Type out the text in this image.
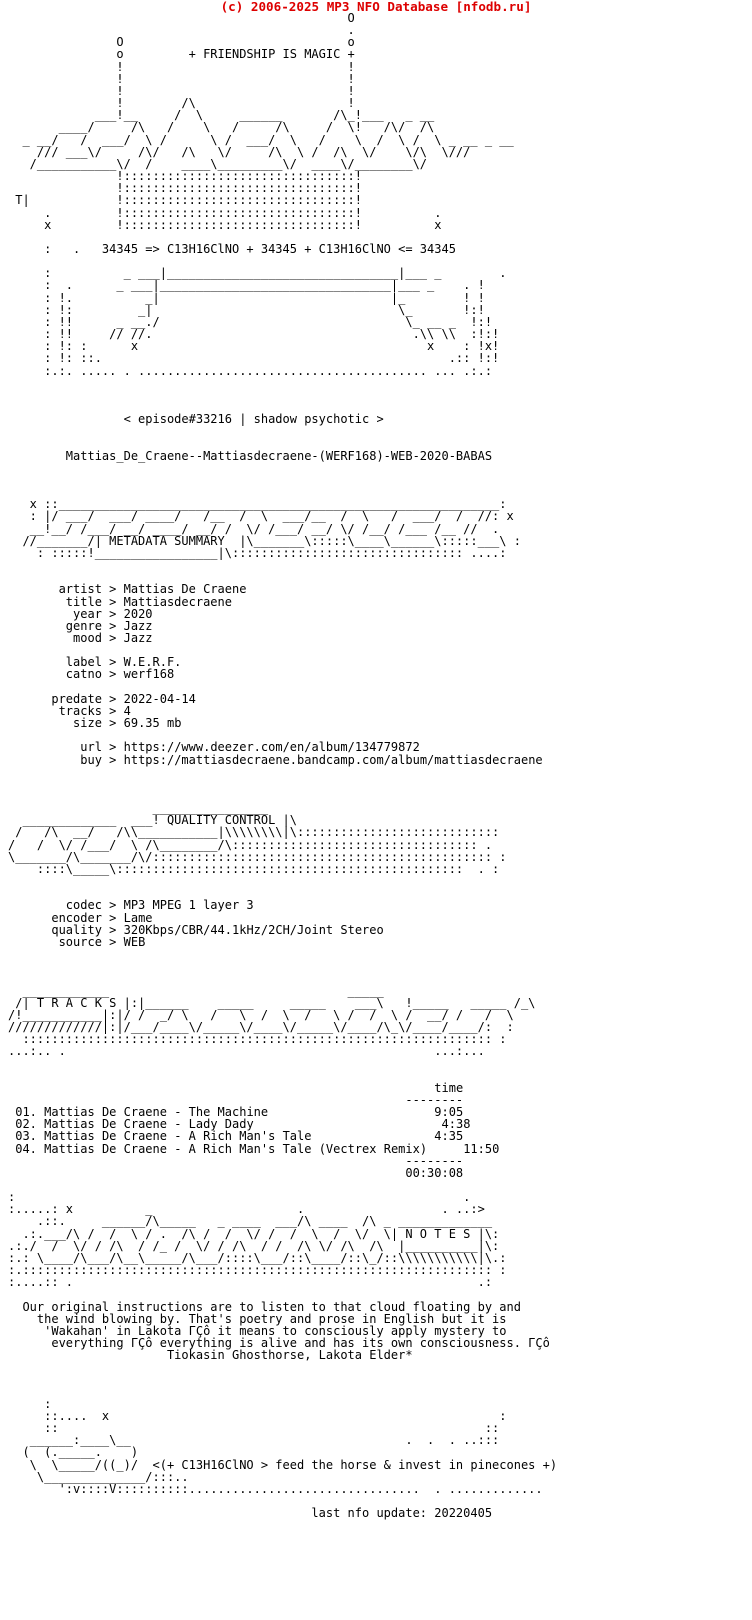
(c) 2006-2025 MP3 NFO Database [nfodb.ru]
O
.
O                               o
o         + FRIENDSHIP IS MAGIC +
!                               !
!                               !
!                               !
!        /\                     !
___!__     /  \     ______       /\_!___   _ __
____/     /\   /    \   /     /\     /  \!   /\/  /\
_ __/   /  ___/  \ /      \ /  ___/  \   /    \  /  \ /  \ _ __ _ __
/// ___\/     /\/   /\   \/     /\  \ /  /\  \/    \/\  \///
/___________\/  /    ____\_________\/  ____\/________\/
!::::::::::::::::::::::::::::::::!
!::::::::::::::::::::::::::::::::!
T|            !::::::::::::::::::::::::::::::::!
.         !::::::::::::::::::::::::::::::::!          .
x         !::::::::::::::::::::::::::::::::!          x

:   .   34345 => C13H16ClNO + 34345 + C13H16ClNO <= 34345

:          _ ___|________________________________|___ _        .
:  .      _ ___|________________________________|___ _    . !
: !.          _|                                |_        ! !
: !:         _|                                  \_       !:!
: !!      _ __./                                  \_ __ _  !:!
: !!     // //.                                    .\\ \\  :!:!
: !: :      x                                        x    : !x!
: !: ::.                                                .:: !:!
:.:. ..... . ........................................ ... .:.:

< episode#33216 | shadow psychotic >

Mattias_De_Craene--Mattiasdecraene-(WERF168)-WEB-2020-BABAS

x ::_____________________________________________________________:
: |/ ___/  ___/ ____/   /__  /  \  ___/__  /  \   /  ___/  /  //: x
__!__/ /___/ __/ ____/ __/ /  \/ /___/ __/ \/ /__/ /___ /__ //  .
//_______/| METADATA SUMMARY  |\_______\:::::\____\______\:::::___\ :
: :::::!_________________|\:::::::::::::::::::::::::::::::: ....:

artist > Mattias De Craene
title > Mattiasdecraene
year > 2020
genre > Jazz
mood > Jazz

label > W.E.R.F.
catno > werf168

predate > 2022-04-14
tracks > 4
size > 69.35 mb

url > https://www.deezer.com/en/album/134779872
buy > https://mattiasdecraene.bandcamp.com/album/mattiasdecraene

________________
_____________  ___! QUALITY CONTROL |\
/   /\  __/   /\\___________|\\\\\\\\|\::::::::::::::::::::::::::::
/   /  \/ /___/  \ /\________/\:::::::::::::::::::::::::::::::::: .
\_______/\_______/\/::::::::::::::::::::::::::::::::::::::::::::::: :
::::\_____\::::::::::::::::::::::::::::::::::::::::::::::::  . :

codec > MP3 MPEG 1 layer 3
encoder > Lame
quality > 320Kbps/CBR/44.1kHz/2CH/Joint Stereo
source > WEB

____________                                 _____
/| T R A C K S |:|______    _____     _____    ___\   !_____   _____ /_\
/!___________|:|/ /  _/ \   /   \  /  \  /   \ /  /  \ /  __/ /   /  \
/////////////|:|/___/____\/_____\/____\/_____\/____/\_\/____/____/:  :
::::::::::::::::::::::::::::::::::::::::::::::::::::::::::::::::: :
...:.. .                                                   ...:...

time
--------
01. Mattias De Craene - The Machine	9:05
02. Mattias De Craene - Lady Dady	4:38
03. Mattias De Craene - A Rich Man's Tale	4:35
04. Mattias De Craene - A Rich Man's Tale (Vectrex Remix)	11:50
--------
00:30:08

:                                                              .
:.....: x          _                    .                   . ..:>
.::.     ______/\_____   _ ____  ___/\ ____  /\ _ _____________
.:.___/\ /  /  \ / .  /\ /  /  \/ /  /  \  /  \/  \| N O T E S |\:
.:./  /  \/ / /\  / /_ /  \/ / /\  / /  /\ \/ /\  /\  |__________|\:
:.: \____/\___/\__\_____/\___/::::\___/::\____/::\_/::\\\\\\\\\\\|\.:
:.::::::::::::::::::::::::::::::::::::::::::::::::::::::::::::::::: :
:....:: .                                                        .:

Our original instructions are to listen to that cloud floating by and
the wind blowing by. That's poetry and prose in English but it is
'Wakahan' in Lakota ΓÇô it means to consciously apply mystery to
everything ΓÇô everything is alive and has its own consciousness. ΓÇô
Tiokasin Ghosthorse, Lakota Elder*

:
::....  x                                                      :
::                                                           ::
______:____\__                                      .  .  . ..:::
(  (._____.    )
\  \_____/((_)/  <(+ C13H16ClNO > feed the horse & invest in pinecones +)
\______________/:::..
':v::::V::::::::::................................  . .............

last nfo update: 20220405
